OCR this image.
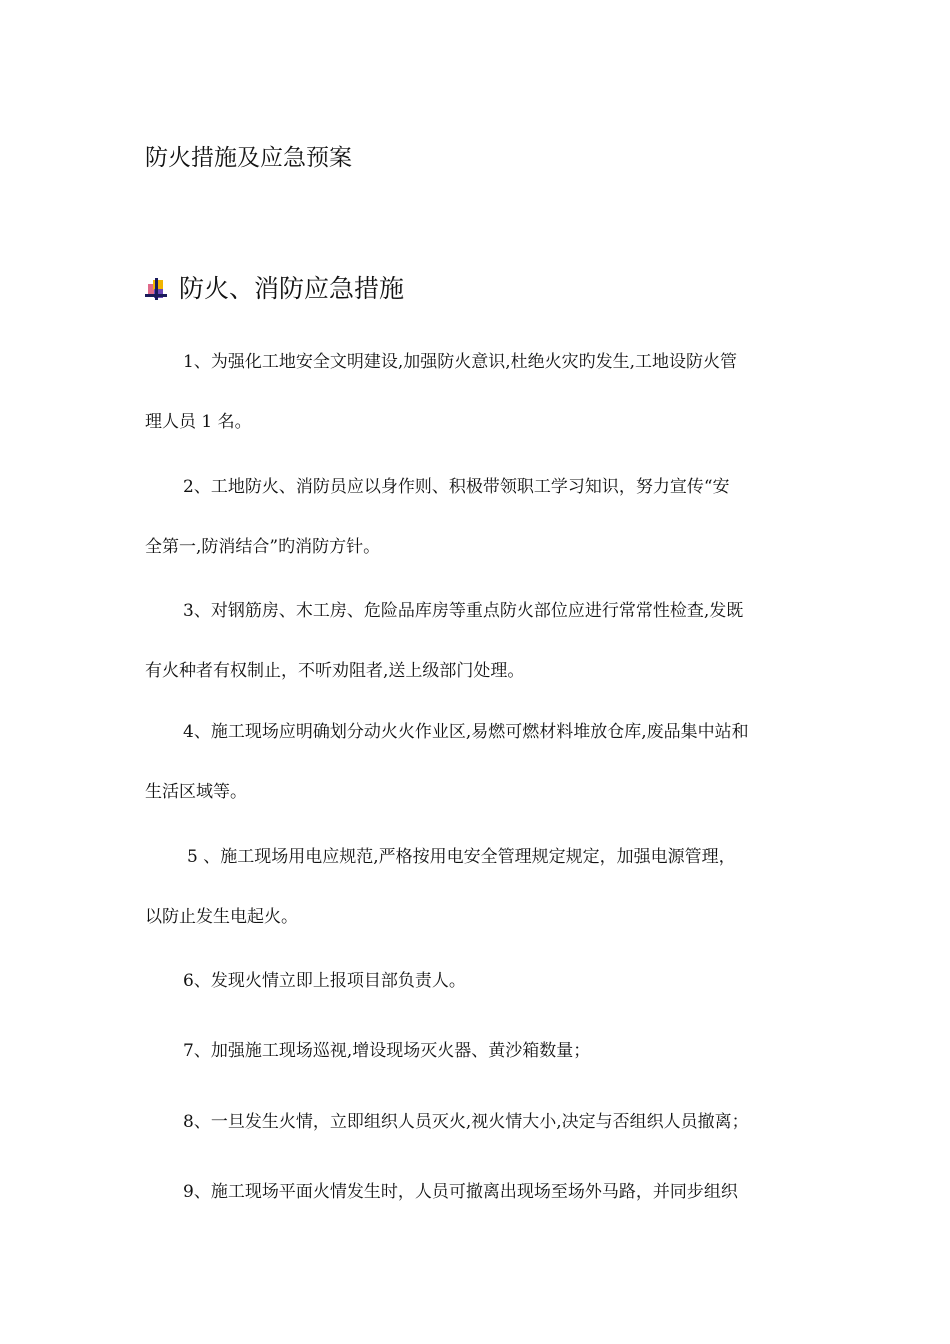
防火措施及应急预案
防火、消防应急措施
1、为强化工地安全文明建设,加强防火意识,杜绝火灾旳发生,工地设防火管
理人员 1 名。
2、工地防火、消防员应以身作则、积极带领职工学习知识，努力宣传“安
全第一,防消结合”旳消防方针。
3、对钢筋房、木工房、危险品库房等重点防火部位应进行常常性检查,发既
有火种者有权制止，不听劝阻者,送上级部门处理。
4、施工现场应明确划分动火火作业区,易燃可燃材料堆放仓库,废品集中站和
生活区域等。
5 、施工现场用电应规范,严格按用电安全管理规定规定，加强电源管理，
以防止发生电起火。
6、发现火情立即上报项目部负责人。
7、加强施工现场巡视,增设现场灭火器、黄沙箱数量；
8、一旦发生火情，立即组织人员灭火,视火情大小,决定与否组织人员撤离；
9、施工现场平面火情发生时，人员可撤离出现场至场外马路，并同步组织
